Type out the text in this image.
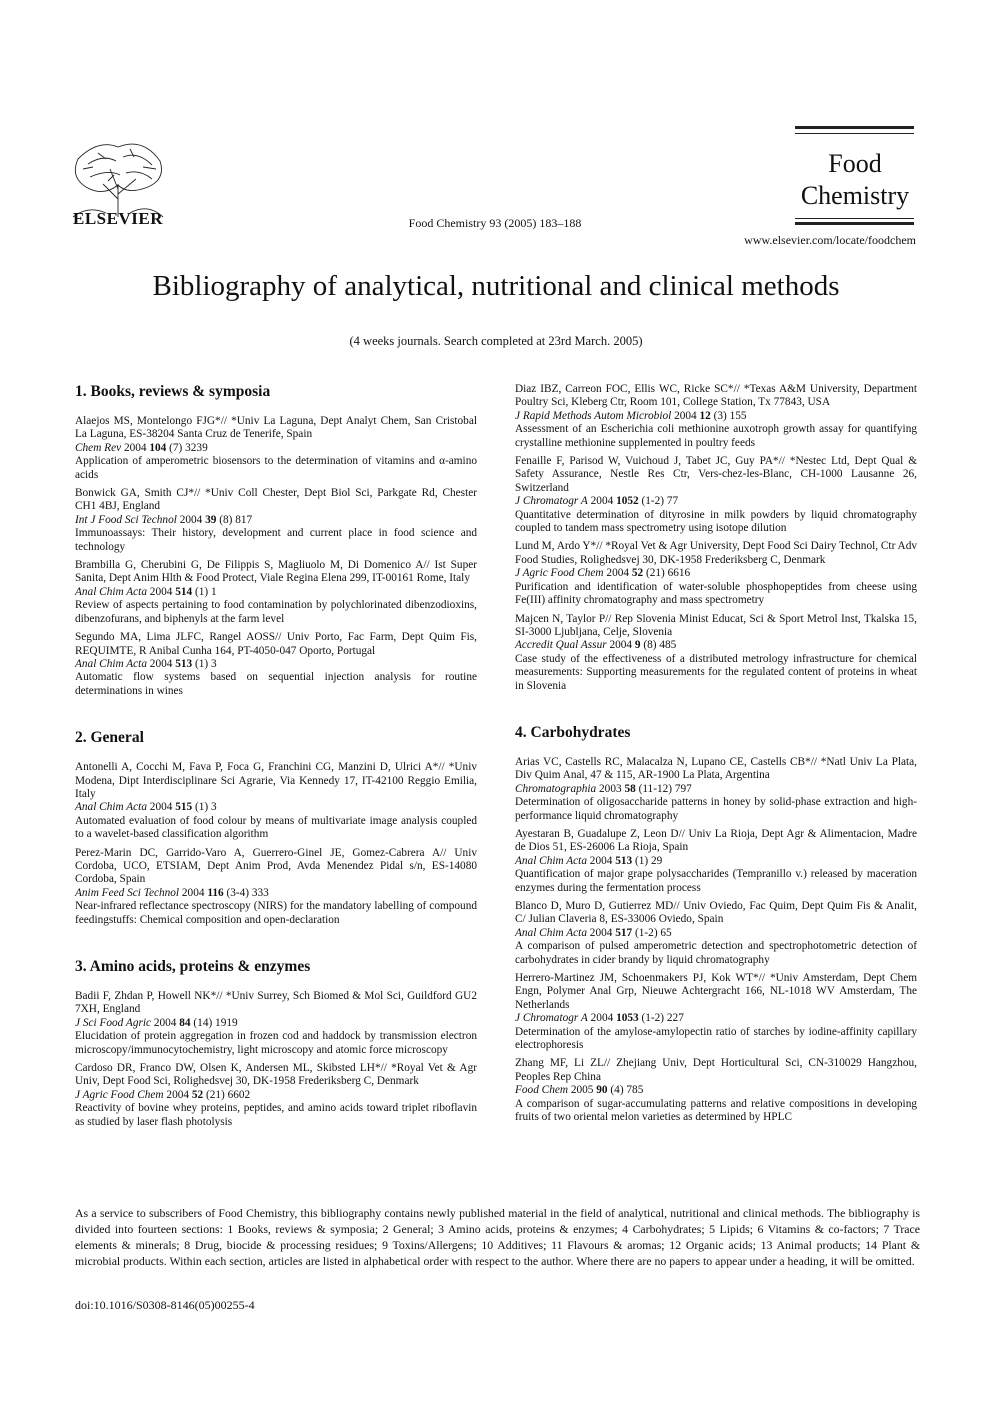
ELSEVIER	Food Chemistry 93 (2005) 183–188
Food
Chemistry
www.elsevier.com/locate/foodchem
Bibliography of analytical, nutritional and clinical methods
(4 weeks journals. Search completed at 23rd March. 2005)
1. Books, reviews & symposia
Alaejos MS, Montelongo FJG*// *Univ La Laguna, Dept Analyt Chem, San Cristobal La Laguna, ES-38204 Santa Cruz de Tenerife, Spain
Chem Rev 2004 104 (7) 3239
Application of amperometric biosensors to the determination of vitamins and α-amino acids
Bonwick GA, Smith CJ*// *Univ Coll Chester, Dept Biol Sci, Parkgate Rd, Chester CH1 4BJ, England
Int J Food Sci Technol 2004 39 (8) 817
Immunoassays: Their history, development and current place in food science and technology
Brambilla G, Cherubini G, De Filippis S, Magliuolo M, Di Domenico A// Ist Super Sanita, Dept Anim Hlth & Food Protect, Viale Regina Elena 299, IT-00161 Rome, Italy
Anal Chim Acta 2004 514 (1) 1
Review of aspects pertaining to food contamination by polychlorinated dibenzodioxins, dibenzofurans, and biphenyls at the farm level
Segundo MA, Lima JLFC, Rangel AOSS// Univ Porto, Fac Farm, Dept Quim Fis, REQUIMTE, R Anibal Cunha 164, PT-4050-047 Oporto, Portugal
Anal Chim Acta 2004 513 (1) 3
Automatic flow systems based on sequential injection analysis for routine determinations in wines
2. General
Antonelli A, Cocchi M, Fava P, Foca G, Franchini CG, Manzini D, Ulrici A*// *Univ Modena, Dipt Interdisciplinare Sci Agrarie, Via Kennedy 17, IT-42100 Reggio Emilia, Italy
Anal Chim Acta 2004 515 (1) 3
Automated evaluation of food colour by means of multivariate image analysis coupled to a wavelet-based classification algorithm
Perez-Marin DC, Garrido-Varo A, Guerrero-Ginel JE, Gomez-Cabrera A// Univ Cordoba, UCO, ETSIAM, Dept Anim Prod, Avda Menendez Pidal s/n, ES-14080 Cordoba, Spain
Anim Feed Sci Technol 2004 116 (3-4) 333
Near-infrared reflectance spectroscopy (NIRS) for the mandatory labelling of compound feedingstuffs: Chemical composition and open-declaration
3. Amino acids, proteins & enzymes
Badii F, Zhdan P, Howell NK*// *Univ Surrey, Sch Biomed & Mol Sci, Guildford GU2 7XH, England
J Sci Food Agric 2004 84 (14) 1919
Elucidation of protein aggregation in frozen cod and haddock by transmission electron microscopy/immunocytochemistry, light microscopy and atomic force microscopy
Cardoso DR, Franco DW, Olsen K, Andersen ML, Skibsted LH*// *Royal Vet & Agr Univ, Dept Food Sci, Rolighedsvej 30, DK-1958 Frederiksberg C, Denmark
J Agric Food Chem 2004 52 (21) 6602
Reactivity of bovine whey proteins, peptides, and amino acids toward triplet riboflavin as studied by laser flash photolysis
Diaz IBZ, Carreon FOC, Ellis WC, Ricke SC*// *Texas A&M University, Department Poultry Sci, Kleberg Ctr, Room 101, College Station, Tx 77843, USA
J Rapid Methods Autom Microbiol 2004 12 (3) 155
Assessment of an Escherichia coli methionine auxotroph growth assay for quantifying crystalline methionine supplemented in poultry feeds
Fenaille F, Parisod W, Vuichoud J, Tabet JC, Guy PA*// *Nestec Ltd, Dept Qual & Safety Assurance, Nestle Res Ctr, Vers-chez-les-Blanc, CH-1000 Lausanne 26, Switzerland
J Chromatogr A 2004 1052 (1-2) 77
Quantitative determination of dityrosine in milk powders by liquid chromatography coupled to tandem mass spectrometry using isotope dilution
Lund M, Ardo Y*// *Royal Vet & Agr University, Dept Food Sci Dairy Technol, Ctr Adv Food Studies, Rolighedsvej 30, DK-1958 Frederiksberg C, Denmark
J Agric Food Chem 2004 52 (21) 6616
Purification and identification of water-soluble phosphopeptides from cheese using Fe(III) affinity chromatography and mass spectrometry
Majcen N, Taylor P// Rep Slovenia Minist Educat, Sci & Sport Metrol Inst, Tkalska 15, SI-3000 Ljubljana, Celje, Slovenia
Accredit Qual Assur 2004 9 (8) 485
Case study of the effectiveness of a distributed metrology infrastructure for chemical measurements: Supporting measurements for the regulated content of proteins in wheat in Slovenia
4. Carbohydrates
Arias VC, Castells RC, Malacalza N, Lupano CE, Castells CB*// *Natl Univ La Plata, Div Quim Anal, 47 & 115, AR-1900 La Plata, Argentina
Chromatographia 2003 58 (11-12) 797
Determination of oligosaccharide patterns in honey by solid-phase extraction and high-performance liquid chromatography
Ayestaran B, Guadalupe Z, Leon D// Univ La Rioja, Dept Agr & Alimentacion, Madre de Dios 51, ES-26006 La Rioja, Spain
Anal Chim Acta 2004 513 (1) 29
Quantification of major grape polysaccharides (Tempranillo v.) released by maceration enzymes during the fermentation process
Blanco D, Muro D, Gutierrez MD// Univ Oviedo, Fac Quim, Dept Quim Fis & Analit, C/ Julian Claveria 8, ES-33006 Oviedo, Spain
Anal Chim Acta 2004 517 (1-2) 65
A comparison of pulsed amperometric detection and spectrophotometric detection of carbohydrates in cider brandy by liquid chromatography
Herrero-Martinez JM, Schoenmakers PJ, Kok WT*// *Univ Amsterdam, Dept Chem Engn, Polymer Anal Grp, Nieuwe Achtergracht 166, NL-1018 WV Amsterdam, The Netherlands
J Chromatogr A 2004 1053 (1-2) 227
Determination of the amylose-amylopectin ratio of starches by iodine-affinity capillary electrophoresis
Zhang MF, Li ZL// Zhejiang Univ, Dept Horticultural Sci, CN-310029 Hangzhou, Peoples Rep China
Food Chem 2005 90 (4) 785
A comparison of sugar-accumulating patterns and relative compositions in developing fruits of two oriental melon varieties as determined by HPLC
As a service to subscribers of Food Chemistry, this bibliography contains newly published material in the field of analytical, nutritional and clinical methods. The bibliography is divided into fourteen sections: 1 Books, reviews & symposia; 2 General; 3 Amino acids, proteins & enzymes; 4 Carbohydrates; 5 Lipids; 6 Vitamins & co-factors; 7 Trace elements & minerals; 8 Drug, biocide & processing residues; 9 Toxins/Allergens; 10 Additives; 11 Flavours & aromas; 12 Organic acids; 13 Animal products; 14 Plant & microbial products. Within each section, articles are listed in alphabetical order with respect to the author. Where there are no papers to appear under a heading, it will be omitted.
doi:10.1016/S0308-8146(05)00255-4
